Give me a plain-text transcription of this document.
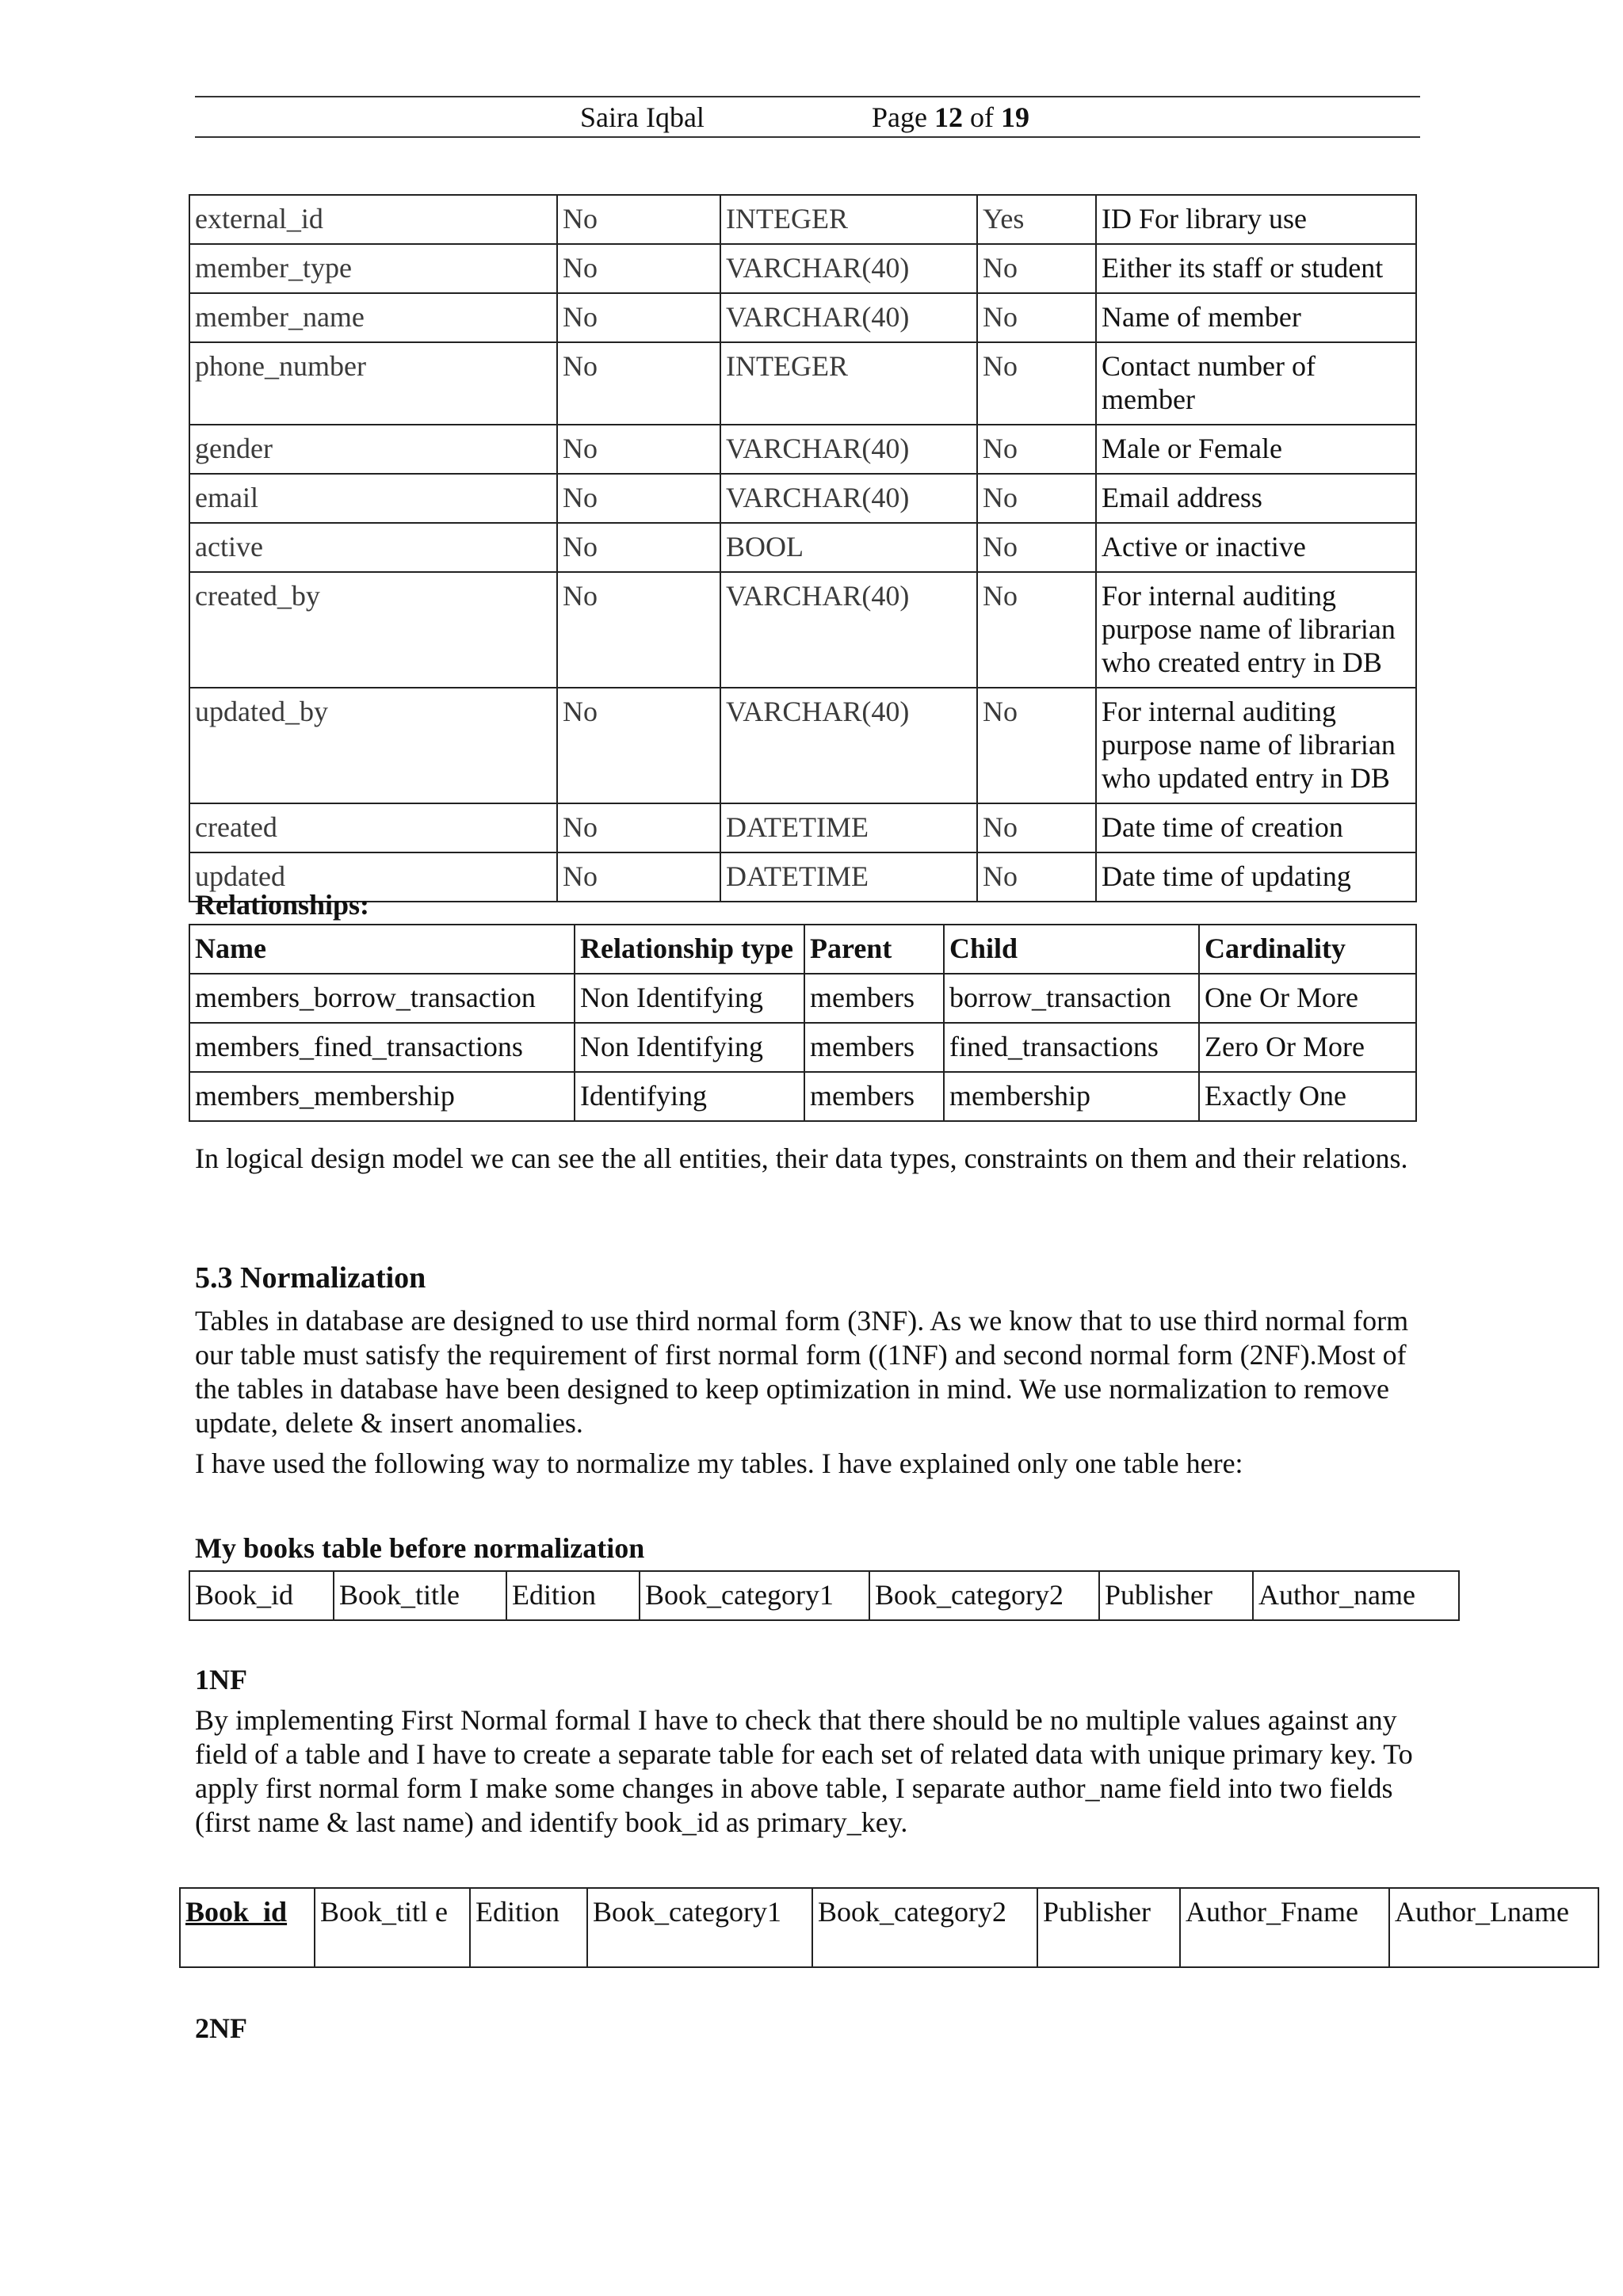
Saira Iqbal	Page 12 of 19
external_id	No	INTEGER	Yes	ID For library use
member_type	No	VARCHAR(40)	No	Either its staff or student
member_name	No	VARCHAR(40)	No	Name of member
phone_number	No	INTEGER	No	Contact number of member
gender	No	VARCHAR(40)	No	Male or Female
email	No	VARCHAR(40)	No	Email address
active	No	BOOL	No	Active or inactive
created_by	No	VARCHAR(40)	No	For internal auditing purpose name of librarian who created entry in DB
updated_by	No	VARCHAR(40)	No	For internal auditing purpose name of librarian who updated entry in DB
created	No	DATETIME	No	Date time of creation
updated	No	DATETIME	No	Date time of updating
Relationships:
Name	Relationship type	Parent	Child	Cardinality
members_borrow_transaction	Non Identifying	members	borrow_transaction	One Or More
members_fined_transactions	Non Identifying	members	fined_transactions	Zero Or More
members_membership	Identifying	members	membership	Exactly One
In logical design model we can see the all entities, their data types, constraints on them and their relations.
5.3 Normalization
Tables in database are designed to use third normal form (3NF). As we know that to use third normal form our table must satisfy the requirement of first normal form ((1NF) and second normal form (2NF).Most of the tables in database have been designed to keep optimization in mind. We use normalization to remove update, delete & insert anomalies.
I have used the following way to normalize my tables. I have explained only one table here:
My books table before normalization
Book_id	Book_title	Edition	Book_category1	Book_category2	Publisher	Author_name
1NF
By implementing First Normal formal I have to check that there should be no multiple values against any field of a table and I have to create a separate table for each set of related data with unique primary key. To apply first normal form I make some changes in above table, I separate author_name field into two fields (first name & last name) and identify book_id as primary_key.
Book_id	Book_titl e	Edition	Book_category1	Book_category2	Publisher	Author_Fname	Author_Lname
2NF
